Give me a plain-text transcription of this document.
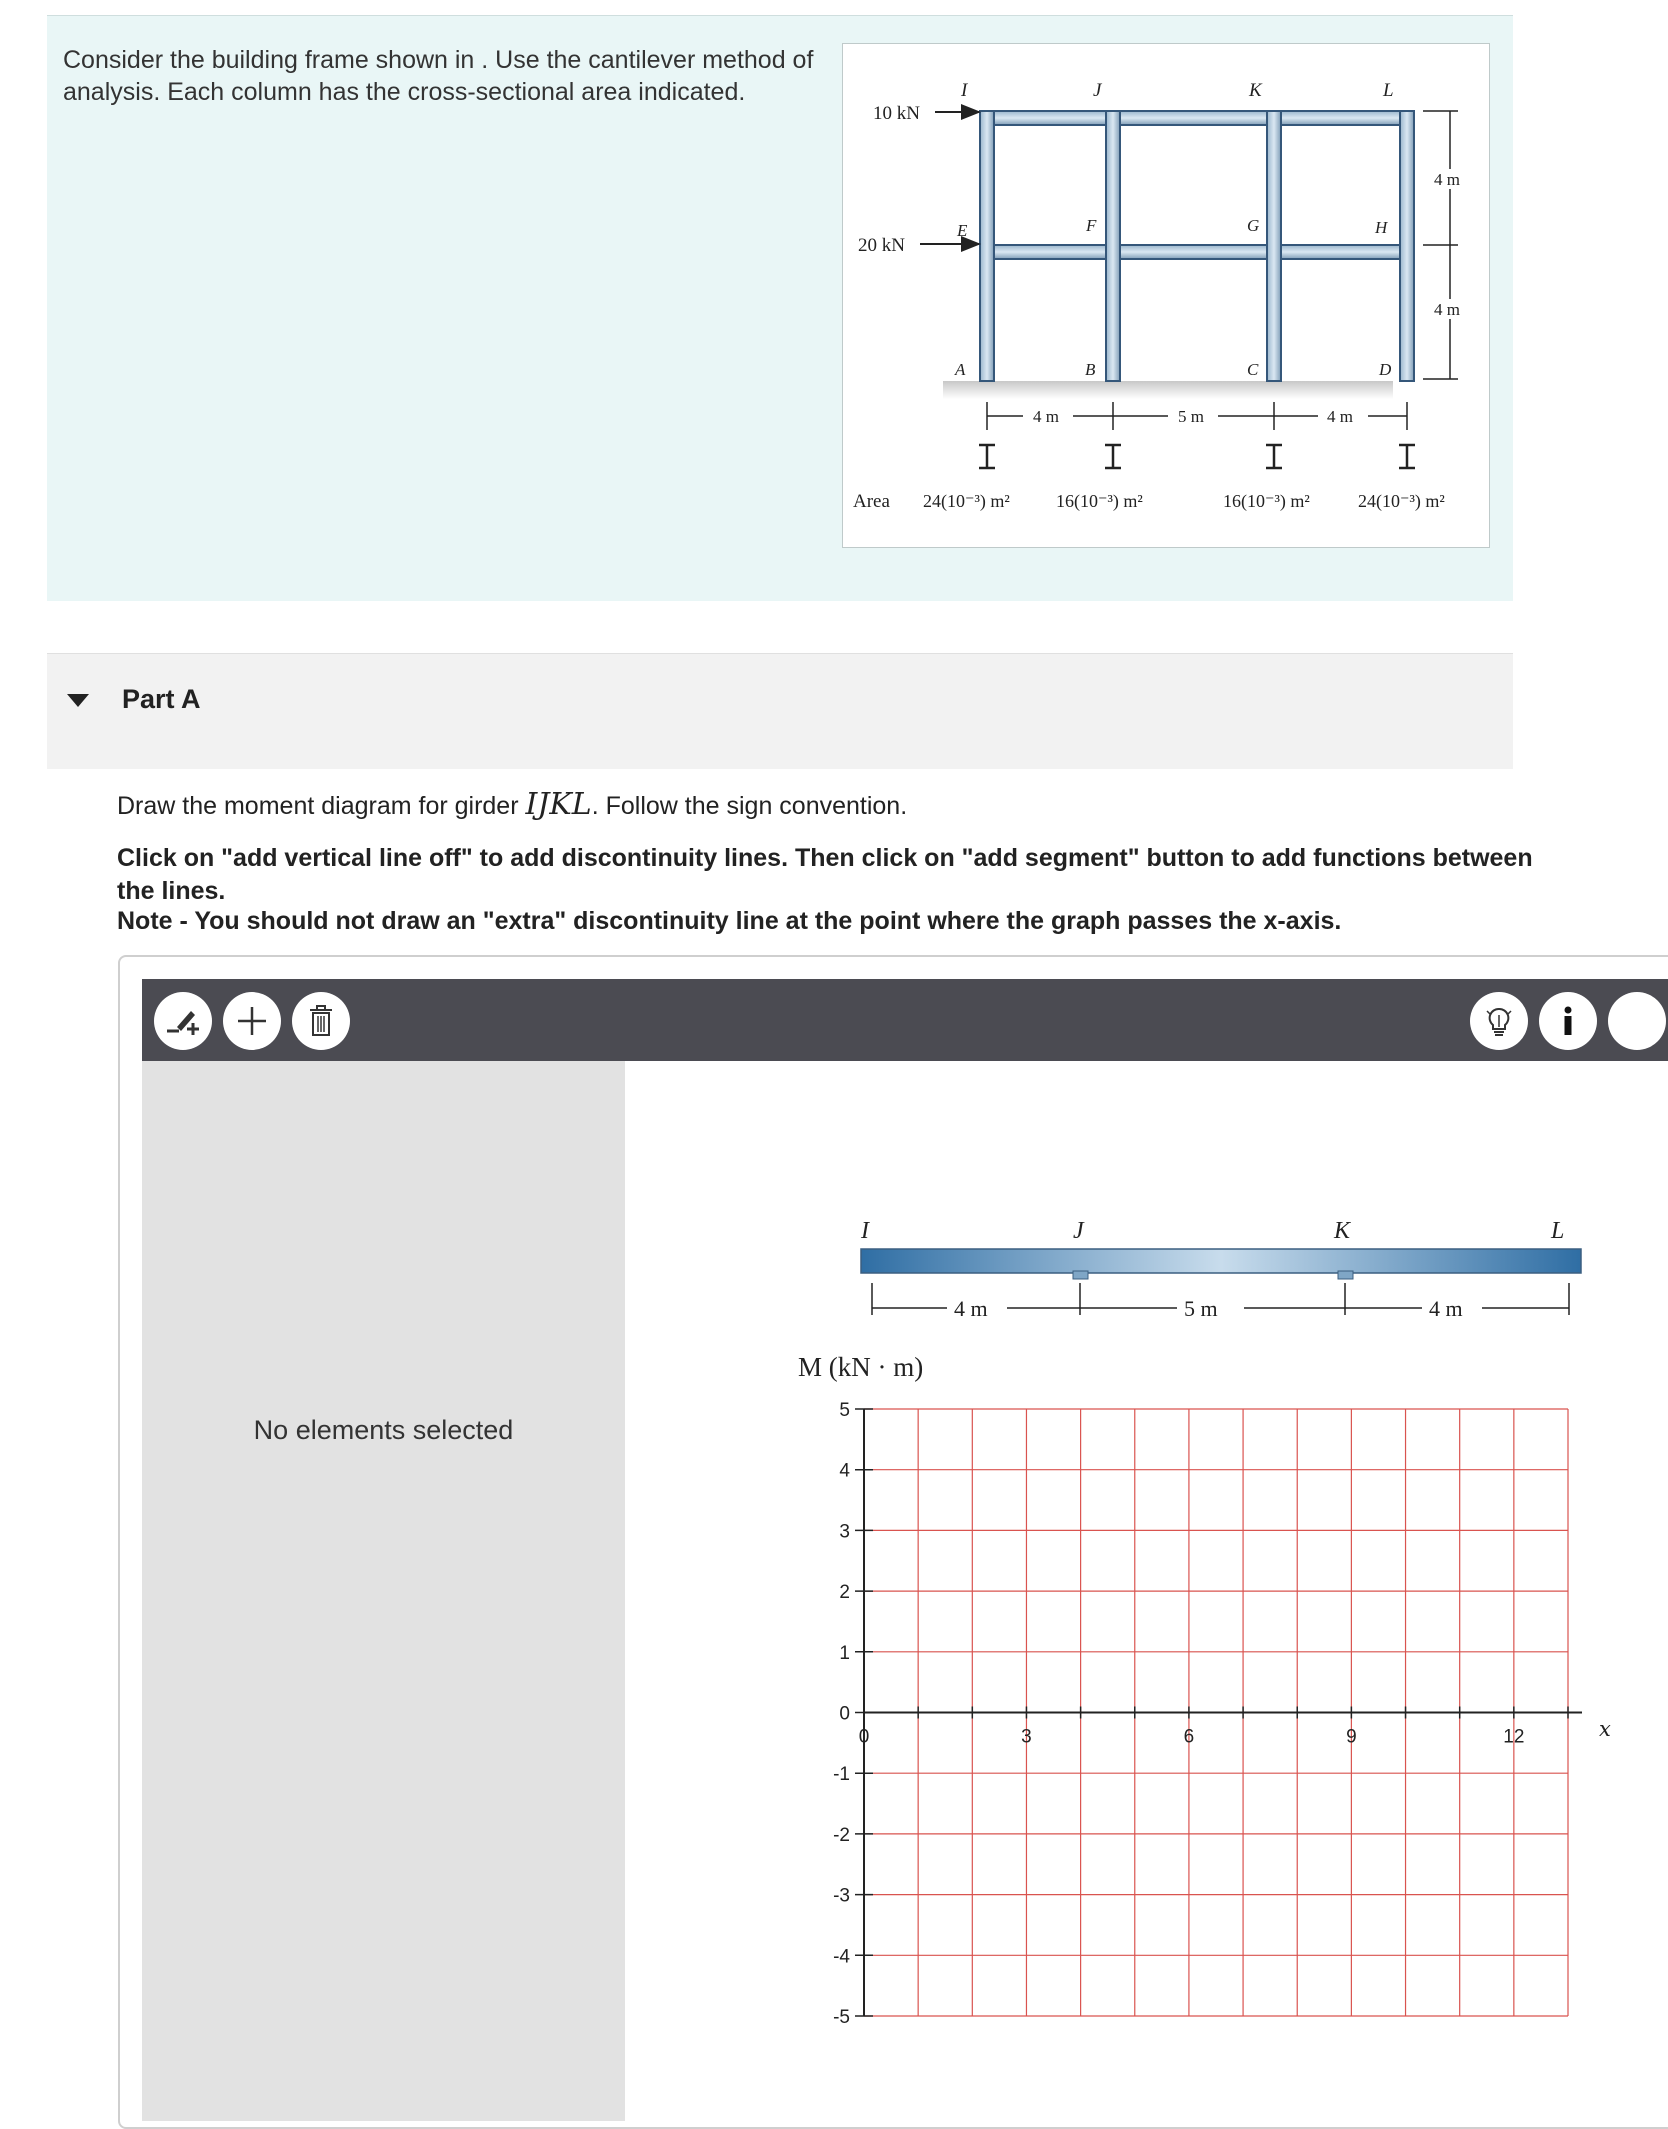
Consider the building frame shown in . Use the cantilever method of analysis. Each column has the cross-sectional area indicated.
10 kN
20 kN
I	J	K	L
E	F	G	H
A	B	C	D
4 m
4 m
4 m	5 m	4 m
Area 24(10⁻³) m²	16(10⁻³) m²	16(10⁻³) m²	24(10⁻³) m²
Part A
Draw the moment diagram for girder IJKL. Follow the sign convention.
Click on "add vertical line off" to add discontinuity lines. Then click on "add segment" button to add functions between the lines.
Note - You should not draw an "extra" discontinuity line at the point where the graph passes the x-axis.
No elements selected
I	J	K	L
4 m	5 m	4 m
M (kN · m)
x
5
4
3
2
1
0
-1
-2
-3
-4
-5
0	3	6	9	12
